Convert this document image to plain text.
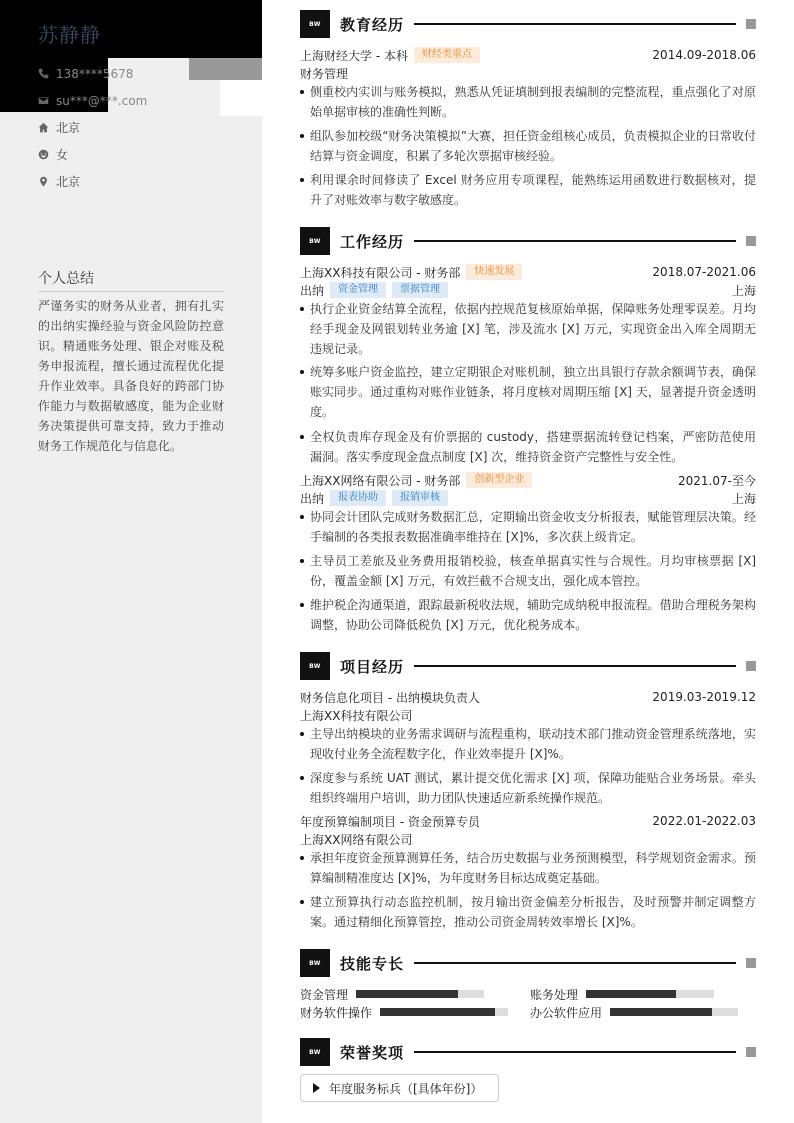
苏静静
138****5678
su***@***.com
北京
女
北京
个人总结
严谨务实的财务从业者，拥有扎实的出纳实操经验与资金风险防控意识。精通账务处理、银企对账及税务申报流程，擅长通过流程优化提升作业效率。具备良好的跨部门协作能力与数据敏感度，能为企业财务决策提供可靠支持，致力于推动财务工作规范化与信息化。
BW	教育经历
上海财经大学 - 本科	财经类重点	2014.09-2018.06
财务管理
侧重校内实训与账务模拟，熟悉从凭证填制到报表编制的完整流程，重点强化了对原始单据审核的准确性判断。
组队参加校级“财务决策模拟”大赛，担任资金组核心成员，负责模拟企业的日常收付结算与资金调度，积累了多轮次票据审核经验。
利用课余时间修读了 Excel 财务应用专项课程，能熟练运用函数进行数据核对，提升了对账效率与数字敏感度。
BW	工作经历
上海XX科技有限公司 - 财务部	快速发展	2018.07-2021.06
出纳	资金管理	票据管理	上海
执行企业资金结算全流程，依据内控规范复核原始单据，保障账务处理零误差。月均经手现金及网银划转业务逾 [X] 笔，涉及流水 [X] 万元，实现资金出入库全周期无违规记录。
统筹多账户资金监控，建立定期银企对账机制，独立出具银行存款余额调节表，确保账实同步。通过重构对账作业链条，将月度核对周期压缩 [X] 天，显著提升资金透明度。
全权负责库存现金及有价票据的 custody，搭建票据流转登记档案，严密防范使用漏洞。落实季度现金盘点制度 [X] 次，维持资金资产完整性与安全性。
上海XX网络有限公司 - 财务部	创新型企业	2021.07-至今
出纳	报表协助	报销审核	上海
协同会计团队完成财务数据汇总，定期输出资金收支分析报表，赋能管理层决策。经手编制的各类报表数据准确率维持在 [X]%，多次获上级肯定。
主导员工差旅及业务费用报销校验，核查单据真实性与合规性。月均审核票据 [X] 份，覆盖金额 [X] 万元，有效拦截不合规支出，强化成本管控。
维护税企沟通渠道，跟踪最新税收法规，辅助完成纳税申报流程。借助合理税务架构调整，协助公司降低税负 [X] 万元，优化税务成本。
BW	项目经历
财务信息化项目 - 出纳模块负责人	2019.03-2019.12
上海XX科技有限公司
主导出纳模块的业务需求调研与流程重构，联动技术部门推动资金管理系统落地，实现收付业务全流程数字化，作业效率提升 [X]%。
深度参与系统 UAT 测试，累计提交优化需求 [X] 项，保障功能贴合业务场景。牵头组织终端用户培训，助力团队快速适应新系统操作规范。
年度预算编制项目 - 资金预算专员	2022.01-2022.03
上海XX网络有限公司
承担年度资金预算测算任务，结合历史数据与业务预测模型，科学规划资金需求。预算编制精准度达 [X]%，为年度财务目标达成奠定基础。
建立预算执行动态监控机制，按月输出资金偏差分析报告，及时预警并制定调整方案。通过精细化预算管控，推动公司资金周转效率增长 [X]%。
BW	技能专长
资金管理	账务处理
财务软件操作	办公软件应用
BW	荣誉奖项
年度服务标兵（[具体年份]）
